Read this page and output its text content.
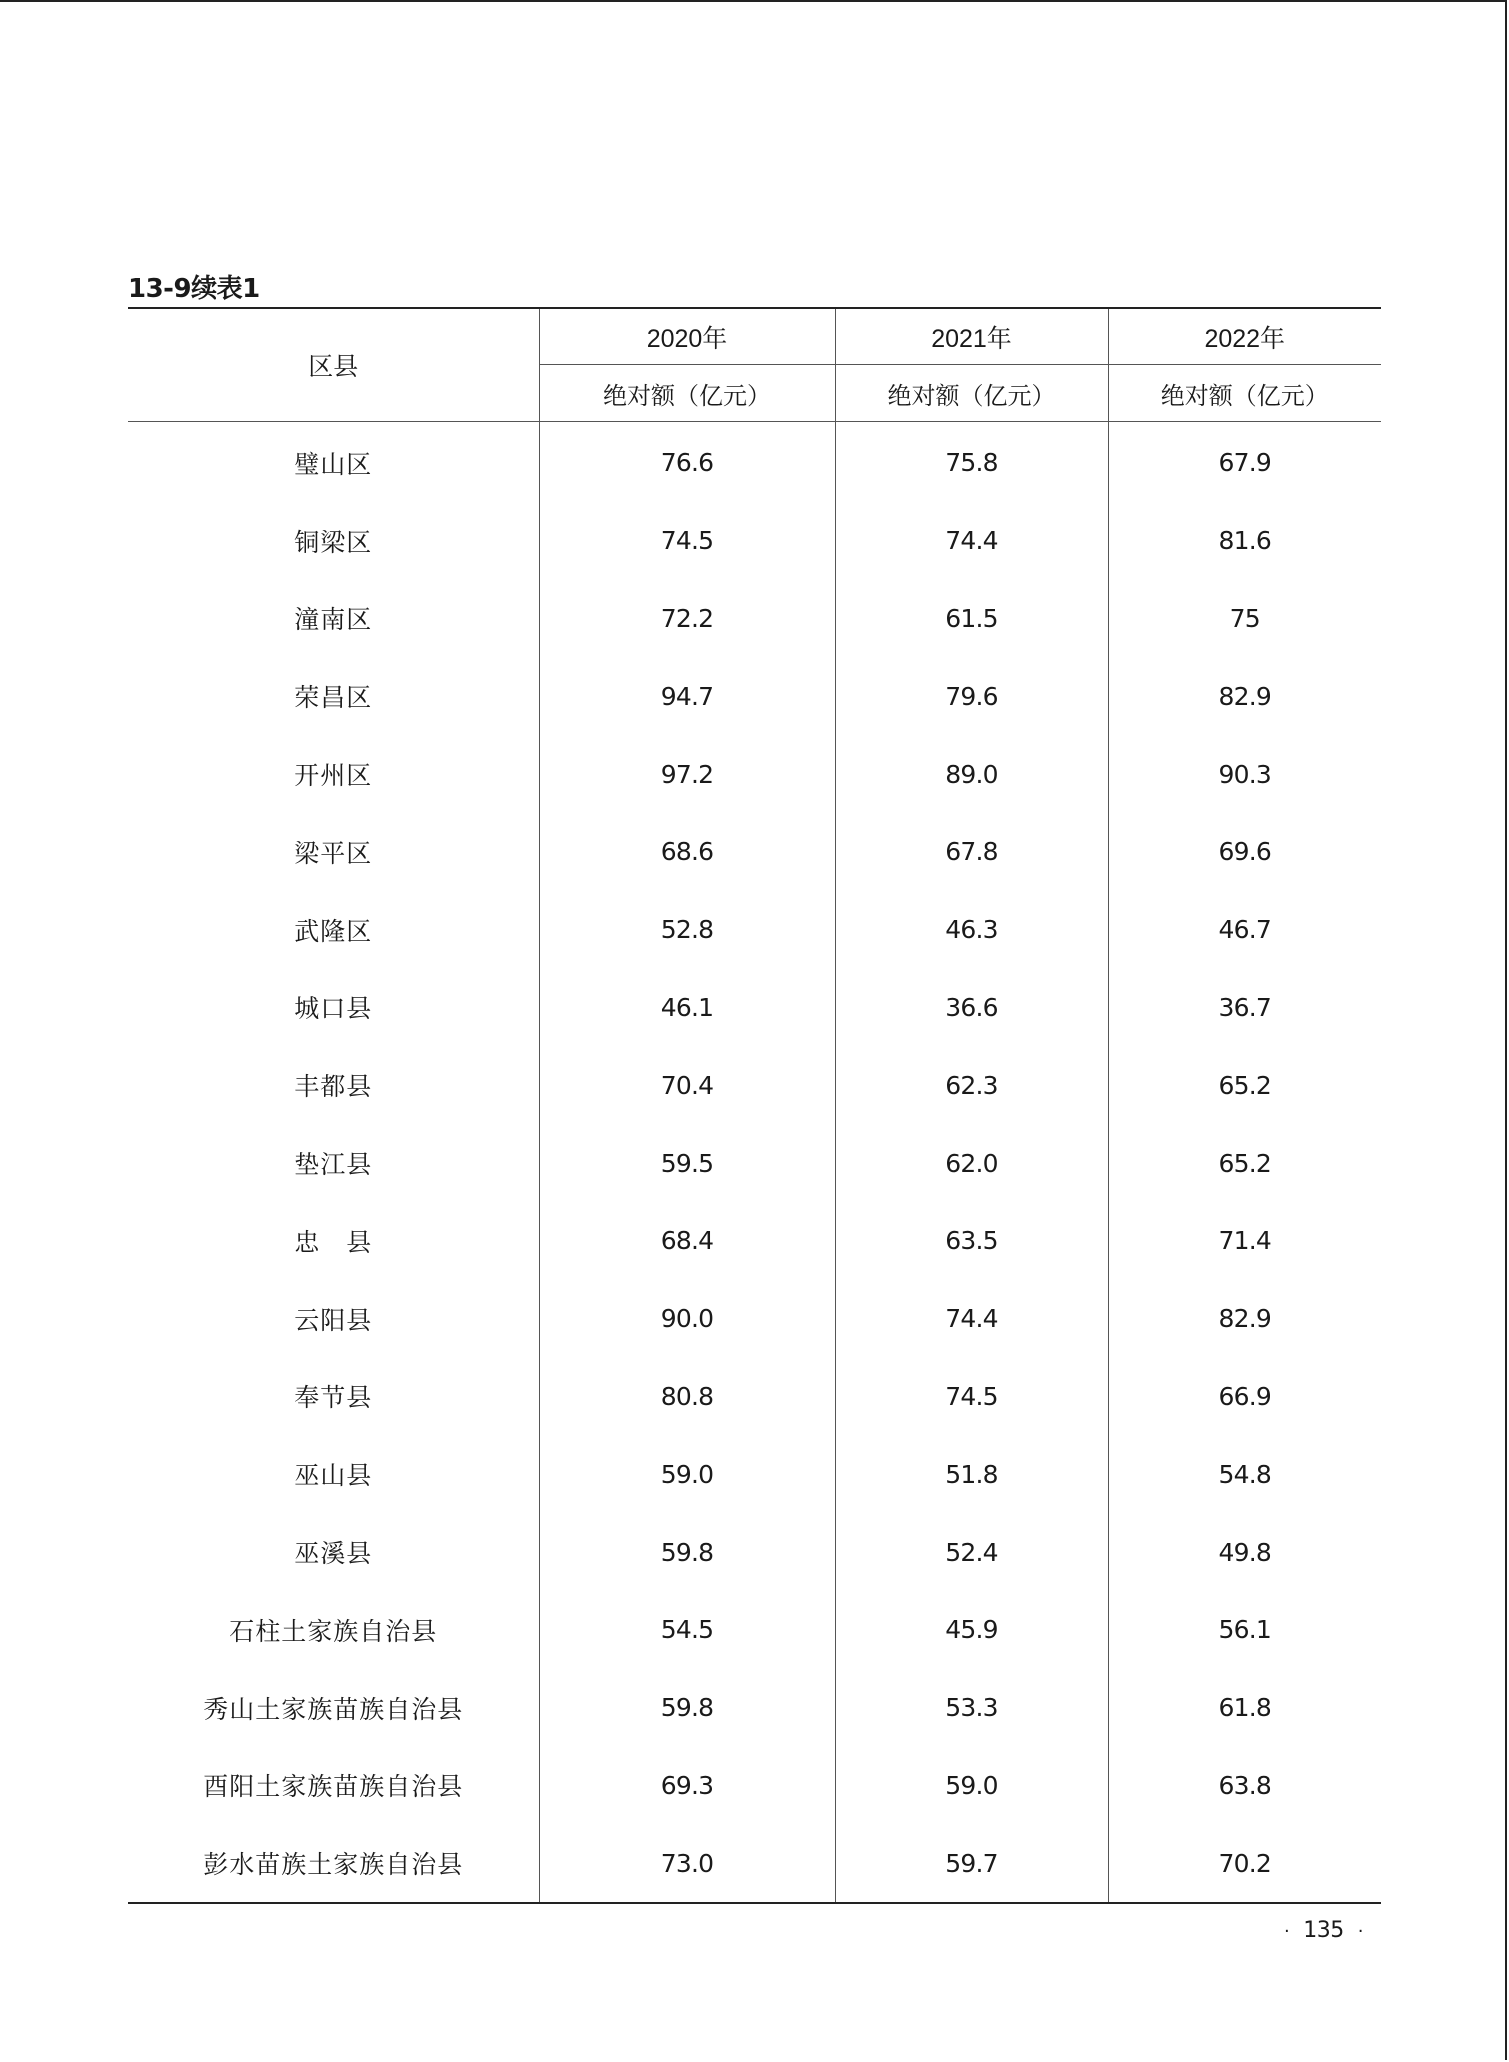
13-9续表1
区县	2020年	2021年	2022年
	绝对额（亿元）	绝对额（亿元）	绝对额（亿元）
璧山区	76.6	75.8	67.9
铜梁区	74.5	74.4	81.6
潼南区	72.2	61.5	75
荣昌区	94.7	79.6	82.9
开州区	97.2	89.0	90.3
梁平区	68.6	67.8	69.6
武隆区	52.8	46.3	46.7
城口县	46.1	36.6	36.7
丰都县	70.4	62.3	65.2
垫江县	59.5	62.0	65.2
忠　县	68.4	63.5	71.4
云阳县	90.0	74.4	82.9
奉节县	80.8	74.5	66.9
巫山县	59.0	51.8	54.8
巫溪县	59.8	52.4	49.8
石柱土家族自治县	54.5	45.9	56.1
秀山土家族苗族自治县	59.8	53.3	61.8
酉阳土家族苗族自治县	69.3	59.0	63.8
彭水苗族土家族自治县	73.0	59.7	70.2
· 135 ·
